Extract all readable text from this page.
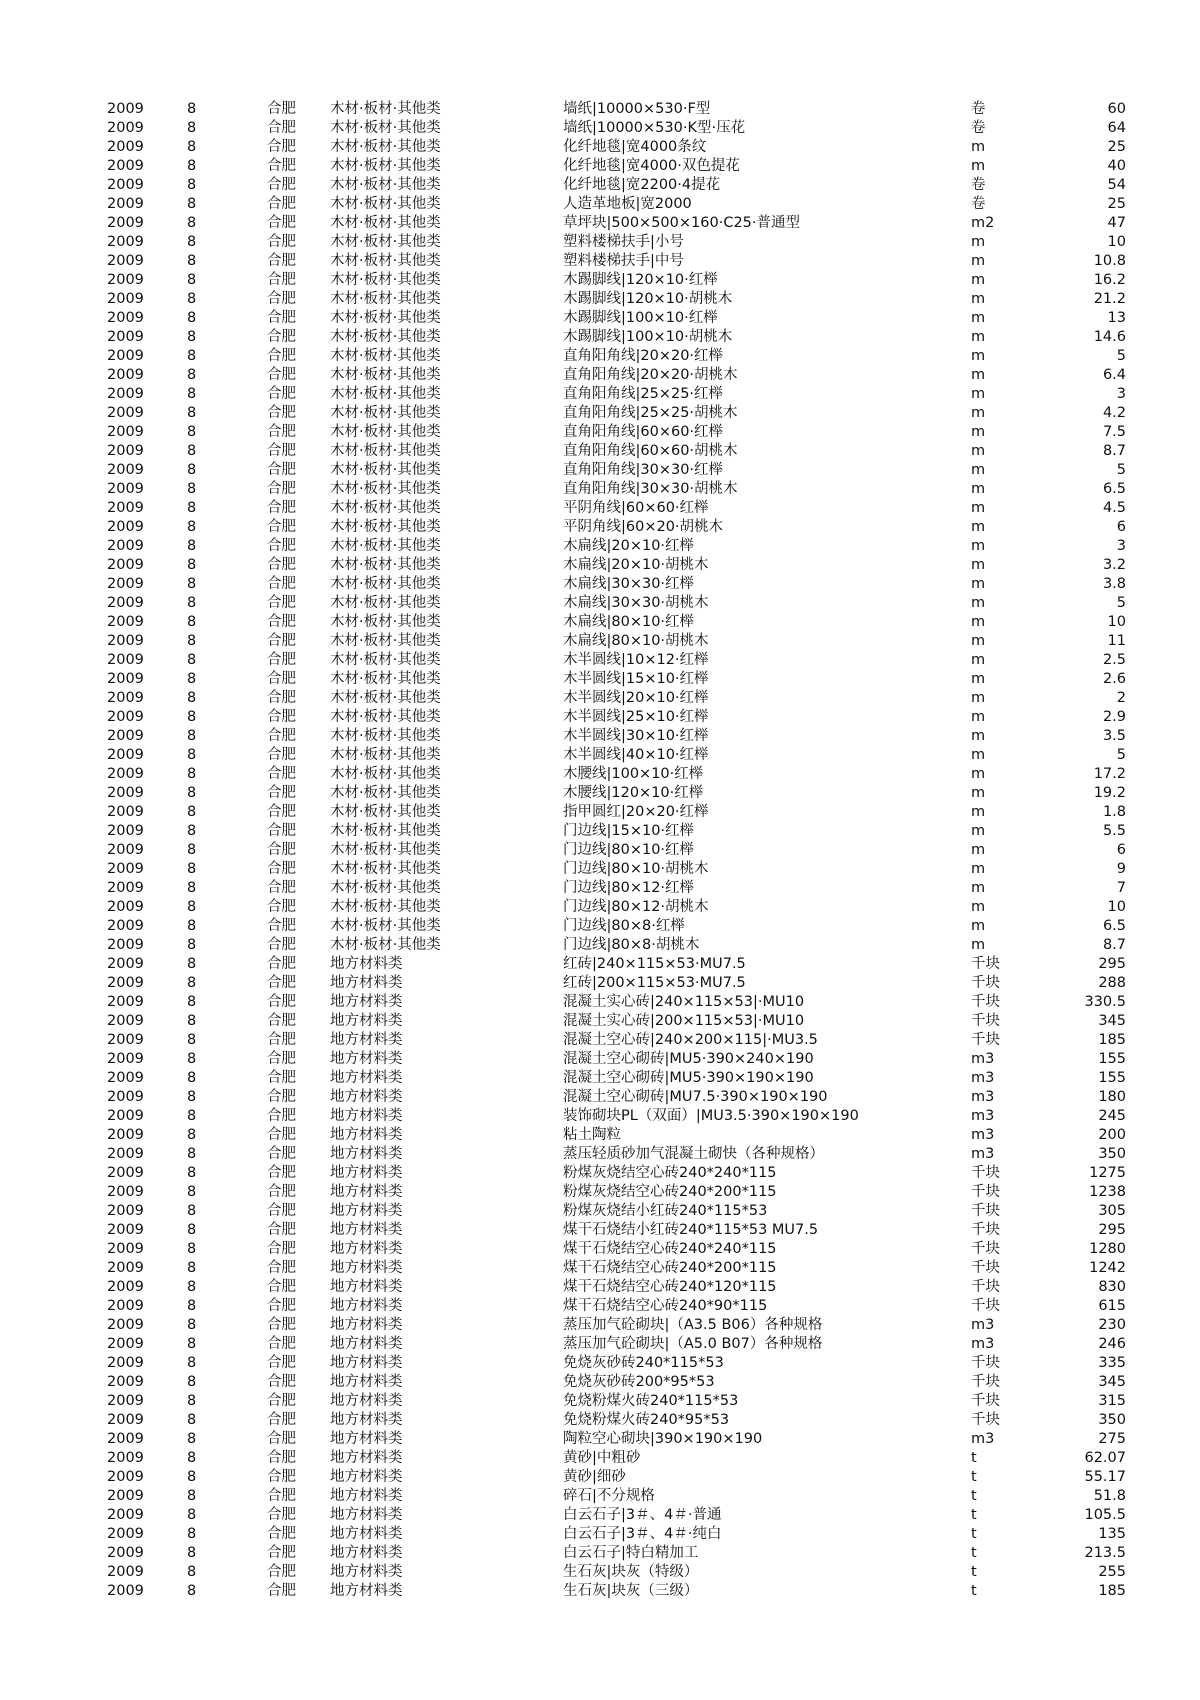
2009	8	合肥 木材·板材·其他类	墙纸|10000×530·F型	卷	60
2009	8	合肥 木材·板材·其他类	墙纸|10000×530·K型·压花	卷	64
2009	8	合肥 木材·板材·其他类	化纤地毯|宽4000条纹	m	25
2009	8	合肥 木材·板材·其他类	化纤地毯|宽4000·双色提花	m	40
2009	8	合肥 木材·板材·其他类	化纤地毯|宽2200·4提花	卷	54
2009	8	合肥 木材·板材·其他类	人造革地板|宽2000	卷	25
2009	8	合肥 木材·板材·其他类	草坪块|500×500×160·C25·普通型	m2	47
2009	8	合肥 木材·板材·其他类	塑料楼梯扶手|小号	m	10
2009	8	合肥 木材·板材·其他类	塑料楼梯扶手|中号	m	10.8
2009	8	合肥 木材·板材·其他类	木踢脚线|120×10·红榉	m	16.2
2009	8	合肥 木材·板材·其他类	木踢脚线|120×10·胡桃木	m	21.2
2009	8	合肥 木材·板材·其他类	木踢脚线|100×10·红榉	m	13
2009	8	合肥 木材·板材·其他类	木踢脚线|100×10·胡桃木	m	14.6
2009	8	合肥 木材·板材·其他类	直角阳角线|20×20·红榉	m	5
2009	8	合肥 木材·板材·其他类	直角阳角线|20×20·胡桃木	m	6.4
2009	8	合肥 木材·板材·其他类	直角阳角线|25×25·红榉	m	3
2009	8	合肥 木材·板材·其他类	直角阳角线|25×25·胡桃木	m	4.2
2009	8	合肥 木材·板材·其他类	直角阳角线|60×60·红榉	m	7.5
2009	8	合肥 木材·板材·其他类	直角阳角线|60×60·胡桃木	m	8.7
2009	8	合肥 木材·板材·其他类	直角阳角线|30×30·红榉	m	5
2009	8	合肥 木材·板材·其他类	直角阳角线|30×30·胡桃木	m	6.5
2009	8	合肥 木材·板材·其他类	平阴角线|60×60·红榉	m	4.5
2009	8	合肥 木材·板材·其他类	平阴角线|60×20·胡桃木	m	6
2009	8	合肥 木材·板材·其他类	木扁线|20×10·红榉	m	3
2009	8	合肥 木材·板材·其他类	木扁线|20×10·胡桃木	m	3.2
2009	8	合肥 木材·板材·其他类	木扁线|30×30·红榉	m	3.8
2009	8	合肥 木材·板材·其他类	木扁线|30×30·胡桃木	m	5
2009	8	合肥 木材·板材·其他类	木扁线|80×10·红榉	m	10
2009	8	合肥 木材·板材·其他类	木扁线|80×10·胡桃木	m	11
2009	8	合肥 木材·板材·其他类	木半圆线|10×12·红榉	m	2.5
2009	8	合肥 木材·板材·其他类	木半圆线|15×10·红榉	m	2.6
2009	8	合肥 木材·板材·其他类	木半圆线|20×10·红榉	m	2
2009	8	合肥 木材·板材·其他类	木半圆线|25×10·红榉	m	2.9
2009	8	合肥 木材·板材·其他类	木半圆线|30×10·红榉	m	3.5
2009	8	合肥 木材·板材·其他类	木半圆线|40×10·红榉	m	5
2009	8	合肥 木材·板材·其他类	木腰线|100×10·红榉	m	17.2
2009	8	合肥 木材·板材·其他类	木腰线|120×10·红榉	m	19.2
2009	8	合肥 木材·板材·其他类	指甲圆红|20×20·红榉	m	1.8
2009	8	合肥 木材·板材·其他类	门边线|15×10·红榉	m	5.5
2009	8	合肥 木材·板材·其他类	门边线|80×10·红榉	m	6
2009	8	合肥 木材·板材·其他类	门边线|80×10·胡桃木	m	9
2009	8	合肥 木材·板材·其他类	门边线|80×12·红榉	m	7
2009	8	合肥 木材·板材·其他类	门边线|80×12·胡桃木	m	10
2009	8	合肥 木材·板材·其他类	门边线|80×8·红榉	m	6.5
2009	8	合肥 木材·板材·其他类	门边线|80×8·胡桃木	m	8.7
2009	8	合肥 地方材料类	红砖|240×115×53·MU7.5	千块	295
2009	8	合肥 地方材料类	红砖|200×115×53·MU7.5	千块	288
2009	8	合肥 地方材料类	混凝土实心砖|240×115×53|·MU10	千块	330.5
2009	8	合肥 地方材料类	混凝土实心砖|200×115×53|·MU10	千块	345
2009	8	合肥 地方材料类	混凝土空心砖|240×200×115|·MU3.5	千块	185
2009	8	合肥 地方材料类	混凝土空心砌砖|MU5·390×240×190	m3	155
2009	8	合肥 地方材料类	混凝土空心砌砖|MU5·390×190×190	m3	155
2009	8	合肥 地方材料类	混凝土空心砌砖|MU7.5·390×190×190	m3	180
2009	8	合肥 地方材料类	装饰砌块PL（双面）|MU3.5·390×190×190	m3	245
2009	8	合肥 地方材料类	粘土陶粒	m3	200
2009	8	合肥 地方材料类	蒸压轻质砂加气混凝土砌快（各种规格）	m3	350
2009	8	合肥 地方材料类	粉煤灰烧结空心砖240*240*115	千块	1275
2009	8	合肥 地方材料类	粉煤灰烧结空心砖240*200*115	千块	1238
2009	8	合肥 地方材料类	粉煤灰烧结小红砖240*115*53	千块	305
2009	8	合肥 地方材料类	煤干石烧结小红砖240*115*53 MU7.5	千块	295
2009	8	合肥 地方材料类	煤干石烧结空心砖240*240*115	千块	1280
2009	8	合肥 地方材料类	煤干石烧结空心砖240*200*115	千块	1242
2009	8	合肥 地方材料类	煤干石烧结空心砖240*120*115	千块	830
2009	8	合肥 地方材料类	煤干石烧结空心砖240*90*115	千块	615
2009	8	合肥 地方材料类	蒸压加气砼砌块|（A3.5 B06）各种规格	m3	230
2009	8	合肥 地方材料类	蒸压加气砼砌块|（A5.0 B07）各种规格	m3	246
2009	8	合肥 地方材料类	免烧灰砂砖240*115*53	千块	335
2009	8	合肥 地方材料类	免烧灰砂砖200*95*53	千块	345
2009	8	合肥 地方材料类	免烧粉煤火砖240*115*53	千块	315
2009	8	合肥 地方材料类	免烧粉煤火砖240*95*53	千块	350
2009	8	合肥 地方材料类	陶粒空心砌块|390×190×190	m3	275
2009	8	合肥 地方材料类	黄砂|中粗砂	t	62.07
2009	8	合肥 地方材料类	黄砂|细砂	t	55.17
2009	8	合肥 地方材料类	碎石|不分规格	t	51.8
2009	8	合肥 地方材料类	白云石子|3＃、4＃·普通	t	105.5
2009	8	合肥 地方材料类	白云石子|3＃、4＃·纯白	t	135
2009	8	合肥 地方材料类	白云石子|特白精加工	t	213.5
2009	8	合肥 地方材料类	生石灰|块灰（特级）	t	255
2009	8	合肥 地方材料类	生石灰|块灰（三级）	t	185
